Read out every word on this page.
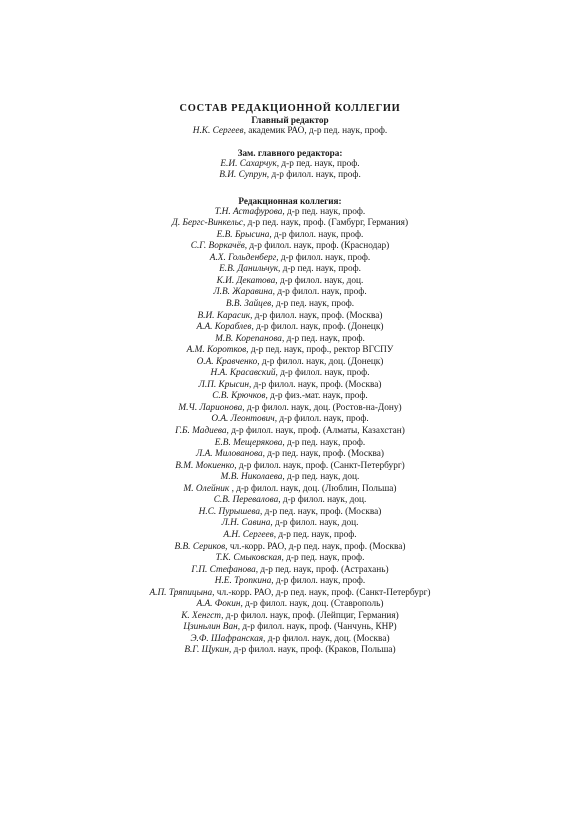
СОСТАВ РЕДАКЦИОННОЙ КОЛЛЕГИИ

Главный редактор

Н.К. Сергеев, академик РАО, д-р пед. наук, проф.

Зам. главного редактора:

Е.И. Сахарчук, д-р пед. наук, проф.

В.И. Супрун, д-р филол. наук, проф.

Редакционная коллегия:

Т.Н. Астафурова, д-р пед. наук, проф.

Д. Бергс-Винкельс, д-р пед. наук, проф. (Гамбург, Германия)

Е.В. Брысина, д-р филол. наук, проф.

С.Г. Воркачёв, д-р филол. наук, проф. (Краснодар)

А.Х. Гольденберг, д-р филол. наук, проф.

Е.В. Данильчук, д-р пед. наук, проф.

К.И. Декатова, д-р филол. наук, доц.

Л.В. Жаравина, д-р филол. наук, проф.

В.В. Зайцев, д-р пед. наук, проф.

В.И. Карасик, д-р филол. наук, проф. (Москва)

А.А. Кораблев, д-р филол. наук, проф. (Донецк)

М.В. Корепанова, д-р пед. наук, проф.

А.М. Коротков, д-р пед. наук, проф., ректор ВГСПУ

О.А. Кравченко, д-р филол. наук, доц. (Донецк)

Н.А. Красавский, д-р филол. наук, проф.

Л.П. Крысин, д-р филол. наук, проф. (Москва)

С.В. Крючков, д-р физ.-мат. наук, проф.

М.Ч. Ларионова, д-р филол. наук, доц. (Ростов-на-Дону)

О.А. Леонтович, д-р филол. наук, проф.

Г.Б. Мадиева, д-р филол. наук, проф. (Алматы, Казахстан)

Е.В. Мещерякова, д-р пед. наук, проф.

Л.А. Милованова, д-р пед. наук, проф. (Москва)

В.М. Мокиенко, д-р филол. наук, проф. (Санкт-Петербург)

М.В. Николаева, д-р пед. наук, доц.

М. Олейник , д-р филол. наук, доц. (Люблин, Польша)

С.В. Перевалова, д-р филол. наук, доц.

Н.С. Пурышева, д-р пед. наук, проф. (Москва)

Л.Н. Савина, д-р филол. наук, доц.

А.Н. Сергеев, д-р пед. наук, проф.

В.В. Сериков, чл.-корр. РАО, д-р пед. наук, проф. (Москва)

Т.К. Смыковская, д-р пед. наук, проф.

Г.П. Стефанова, д-р пед. наук, проф. (Астрахань)

Н.Е. Тропкина, д-р филол. наук, проф.

А.П. Тряпицына, чл.-корр. РАО, д-р пед. наук, проф. (Санкт-Петербург)

А.А. Фокин, д-р филол. наук, доц. (Ставрополь)

К. Хенгст, д-р филол. наук, проф. (Лейпциг, Германия)

Цзиньлин Ван, д-р филол. наук, проф. (Чанчунь, КНР)

Э.Ф. Шафранская, д-р филол. наук, доц. (Москва)

В.Г. Щукин, д-р филол. наук, проф. (Краков, Польша)
